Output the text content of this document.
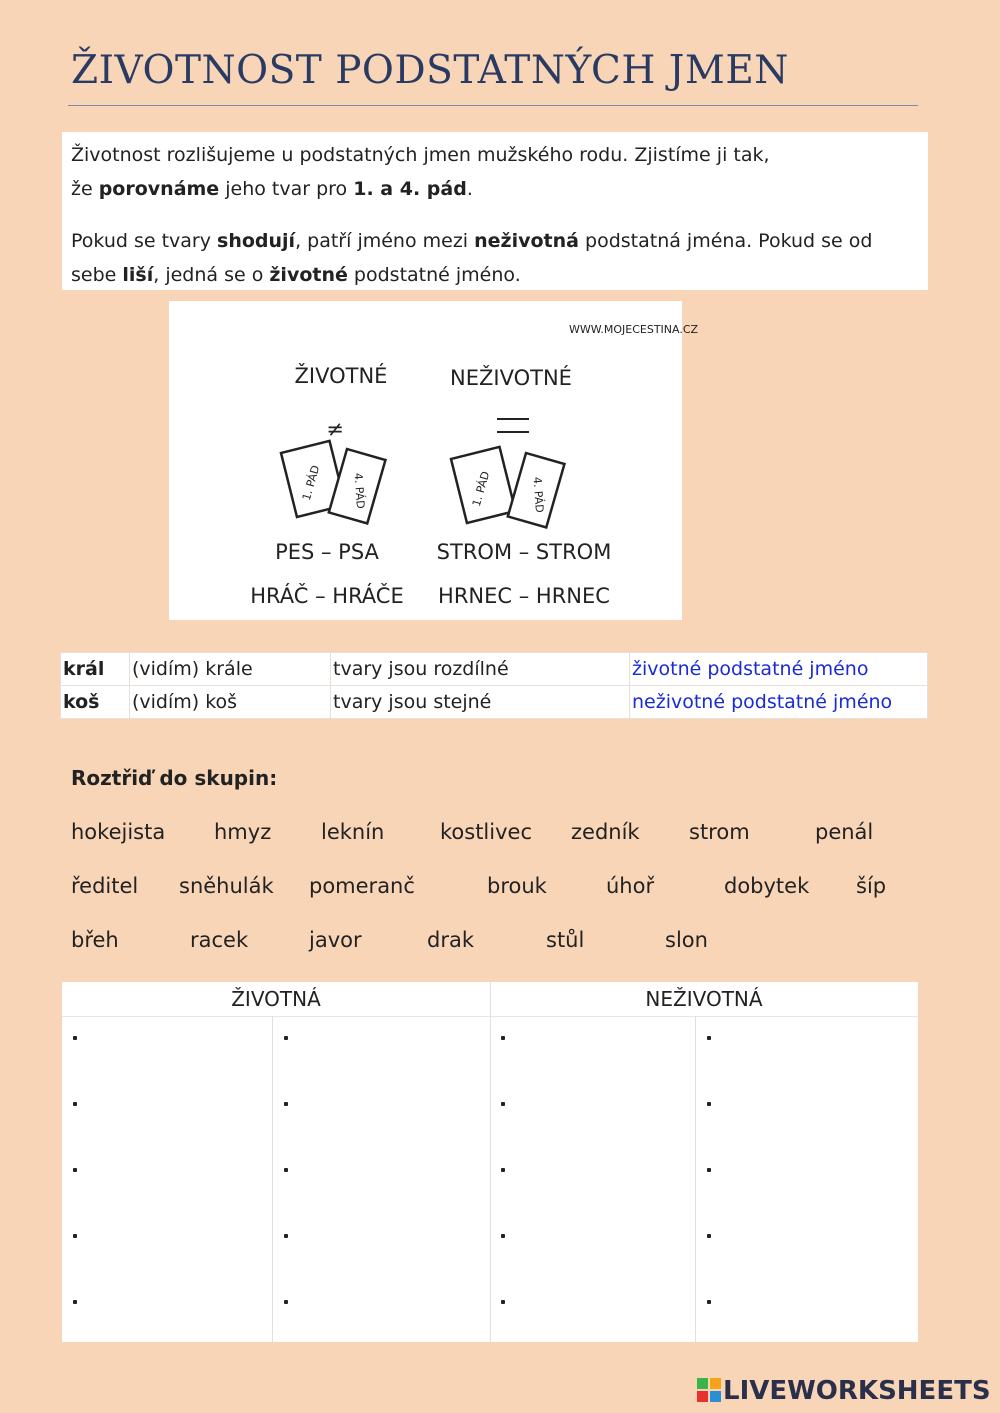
ŽIVOTNOST PODSTATNÝCH JMEN

Životnost rozlišujeme u podstatných jmen mužského rodu. Zjistíme ji tak,
že porovnáme jeho tvar pro 1. a 4. pád.

Pokud se tvary shodují, patří jméno mezi neživotná podstatná jména. Pokud se od
sebe liší, jedná se o životné podstatné jméno.

WWW.MOJECESTINA.CZ
ŽIVOTNÉ
≠
1. PÁD	4. PÁD
PES – PSA
HRÁČ – HRÁČE
NEŽIVOTNÉ
1. PÁD	4. PÁD
STROM – STROM
HRNEC – HRNEC
král	(vidím) krále	tvary jsou rozdílné	životné podstatné jméno
koš	(vidím) koš	tvary jsou stejné	neživotné podstatné jméno
Roztřiď do skupin:
hokejista hmyz leknín	kostlivec zedník strom	penál
ředitel sněhulák pomeranč	brouk	úhoř	dobytek šíp
břeh	racek	javor	drak	stůl	slon
ŽIVOTNÁ	NEŽIVOTNÁ
LIVEWORKSHEETS
